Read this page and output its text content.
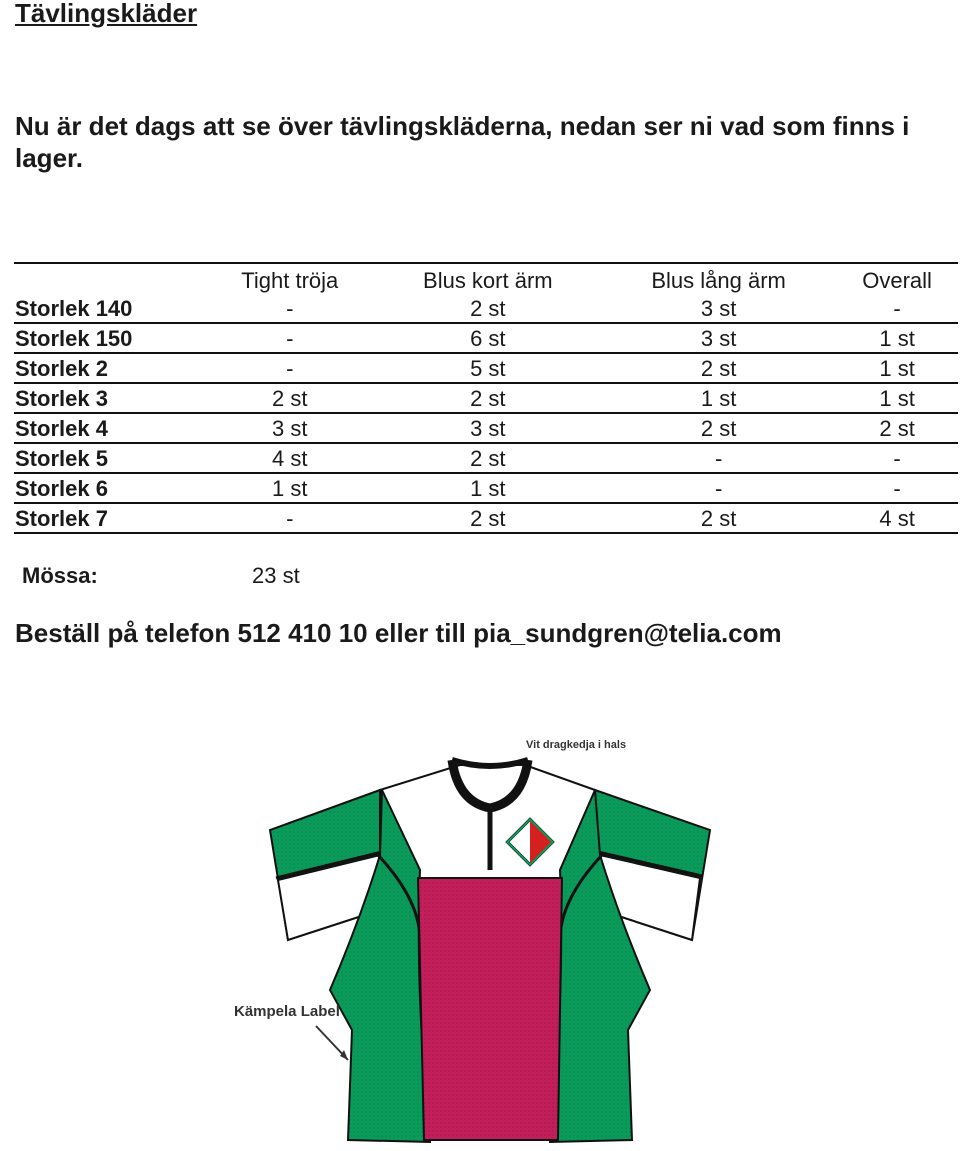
Tävlingskläder

Nu är det dags att se över tävlingskläderna, nedan ser ni vad som finns i lager.

	Tight tröja	Blus kort ärm	Blus lång ärm	Overall
Storlek 140	-	2 st	3 st	-
Storlek 150	-	6 st	3 st	1 st
Storlek 2	-	5 st	2 st	1 st
Storlek 3	2 st	2 st	1 st	1 st
Storlek 4	3 st	3 st	2 st	2 st
Storlek 5	4 st	2 st	-	-
Storlek 6	1 st	1 st	-	-
Storlek 7	-	2 st	2 st	4 st
Mössa:	23 st

Beställ på telefon 512 410 10 eller till pia_sundgren@telia.com

Vit dragkedja i hals
Kämpela Label
